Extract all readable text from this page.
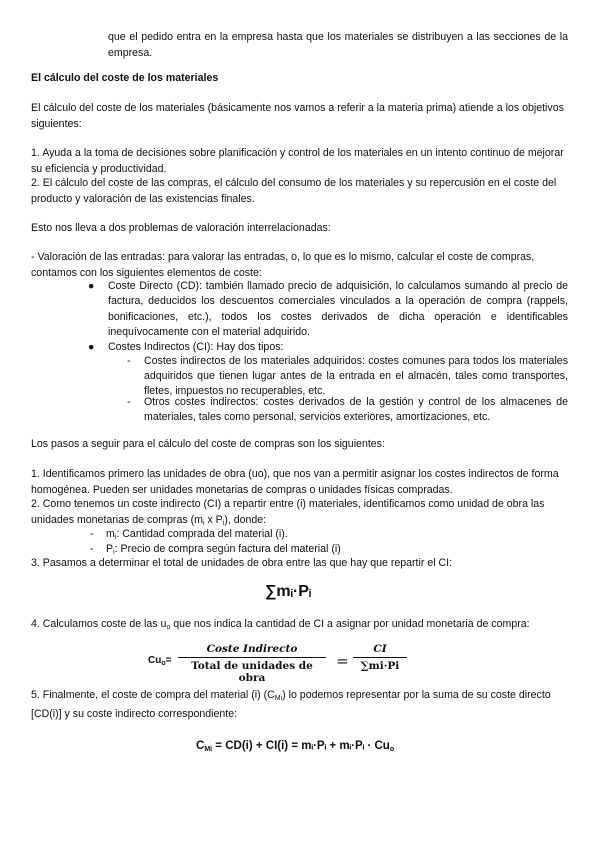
que el pedido entra en la empresa hasta que los materiales se distribuyen a las secciones de la empresa.

El cálculo del coste de los materiales

El cálculo del coste de los materiales (básicamente nos vamos a referir a la materia prima) atiende a los objetivos siguientes:

1. Ayuda a la toma de decisiones sobre planificación y control de los materiales en un intento continuo de mejorar su eficiencia y productividad.

2. El cálculo del coste de las compras, el cálculo del consumo de los materiales y su repercusión en el coste del producto y valoración de las existencias finales.

Esto nos lleva a dos problemas de valoración interrelacionadas:

- Valoración de las entradas: para valorar las entradas, o, lo que es lo mismo, calcular el coste de compras, contamos con los siguientes elementos de coste:

●	Coste Directo (CD): también llamado precio de adquisición, lo calculamos sumando al precio de factura, deducidos los descuentos comerciales vinculados a la operación de compra (rappels, bonificaciones, etc.), todos los costes derivados de dicha operación e identificables inequívocamente con el material adquirido.
●	Costes Indirectos (CI): Hay dos tipos:
- Costes indirectos de los materiales adquiridos: costes comunes para todos los materiales adquiridos que tienen lugar antes de la entrada en el almacén, tales como transportes, fletes, impuestos no recuperables, etc.
- Otros costes indirectos: costes derivados de la gestión y control de los almacenes de materiales, tales como personal, servicios exteriores, amortizaciones, etc.

Los pasos a seguir para el cálculo del coste de compras son los siguientes:

1. Identificamos primero las unidades de obra (uo), que nos van a permitir asignar los costes indirectos de forma homogénea. Pueden ser unidades monetarias de compras o unidades físicas compradas.

2. Como tenemos un coste indirecto (CI) a repartir entre (i) materiales, identificamos como unidad de obra las unidades monetarias de compras ($m_i$ x $P_i$), donde:

- $m_i$: Cantidad comprada del material (i).
- $P_i$: Precio de compra según factura del material (i)

3. Pasamos a determinar el total de unidades de obra entre las que hay que repartir el CI:

∑mᵢ·Pᵢ

4. Calculamos coste de las $u_o$ que nos indica la cantidad de CI a asignar por unidad monetaria de compra:

$Cu_o=$
Coste Indirecto
Total de unidades de obra
= $\frac{CI}{\sum mi\cdot Pi}$

5. Finalmente, el coste de compra del material (i) $(C_{Mi})$ lo podemos representar por la suma de su coste directo [CD(i)] y su coste indirecto correspondiente:

$C_{Mi} = CD(i) + CI(i)$ = mᵢ·Pᵢ + mᵢ·Pᵢ · $Cu_o$
